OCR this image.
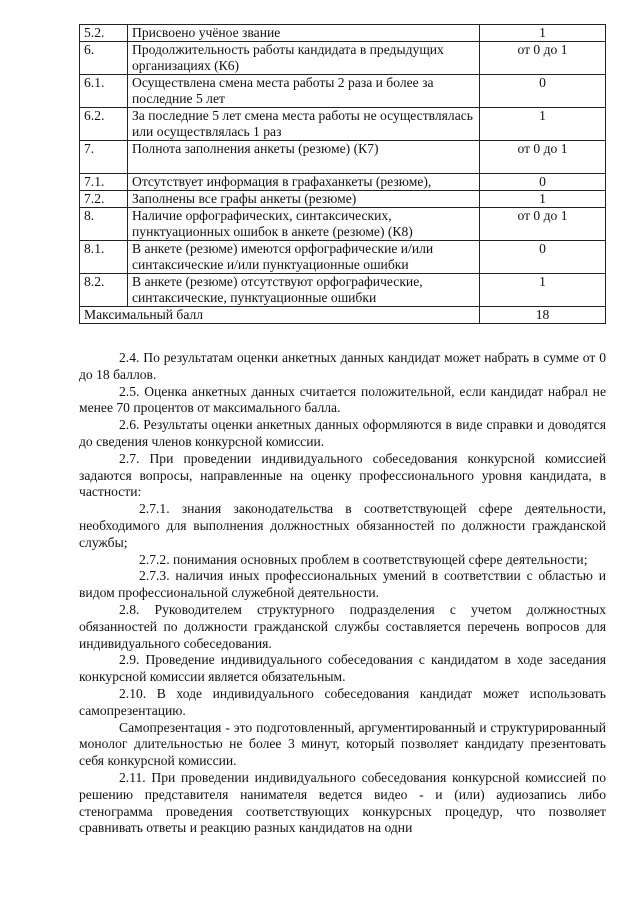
5.2.	Присвоено учёное звание	1
6.	Продолжительность работы кандидата в предыдущих организациях (К6)	от 0 до 1
6.1.	Осуществлена смена места работы 2 раза и более за последние 5 лет	0
6.2.	За последние 5 лет смена места работы не осуществлялась или осуществлялась 1 раз	1
7.	Полнота заполнения анкеты (резюме) (К7)	от 0 до 1
7.1.	Отсутствует информация в графаханкеты (резюме),	0
7.2.	Заполнены все графы анкеты (резюме)	1
8.	Наличие орфографических, синтаксических, пунктуационных ошибок в анкете (резюме) (К8)	от 0 до 1
8.1.	В анкете (резюме) имеются орфографические и/или синтаксические и/или пунктуационные ошибки	0
8.2.	В анкете (резюме) отсутствуют орфографические, синтаксические, пунктуационные ошибки	1
Максимальный балл		18

2.4. По результатам оценки анкетных данных кандидат может набрать в сумме от 0 до 18 баллов.

2.5. Оценка анкетных данных считается положительной, если кандидат набрал не менее 70 процентов от максимального балла.

2.6. Результаты оценки анкетных данных оформляются в виде справки и доводятся до сведения членов конкурсной комиссии.

2.7. При проведении индивидуального собеседования конкурсной комиссией задаются вопросы, направленные на оценку профессионального уровня кандидата, в частности:

2.7.1. знания законодательства в соответствующей сфере деятельности, необходимого для выполнения должностных обязанностей по должности гражданской службы;

2.7.2. понимания основных проблем в соответствующей сфере деятельности;

2.7.3. наличия иных профессиональных умений в соответствии с областью и видом профессиональной служебной деятельности.

2.8. Руководителем структурного подразделения с учетом должностных обязанностей по должности гражданской службы составляется перечень вопросов для индивидуального собеседования.

2.9. Проведение индивидуального собеседования с кандидатом в ходе заседания конкурсной комиссии является обязательным.

2.10. В ходе индивидуального собеседования кандидат может использовать самопрезентацию.

Самопрезентация - это подготовленный, аргументированный и структурированный монолог длительностью не более 3 минут, который позволяет кандидату презентовать себя конкурсной комиссии.

2.11. При проведении индивидуального собеседования конкурсной комиссией по решению представителя нанимателя ведется видео - и (или) аудиозапись либо стенограмма проведения соответствующих конкурсных процедур, что позволяет сравнивать ответы и реакцию разных кандидатов на одни
